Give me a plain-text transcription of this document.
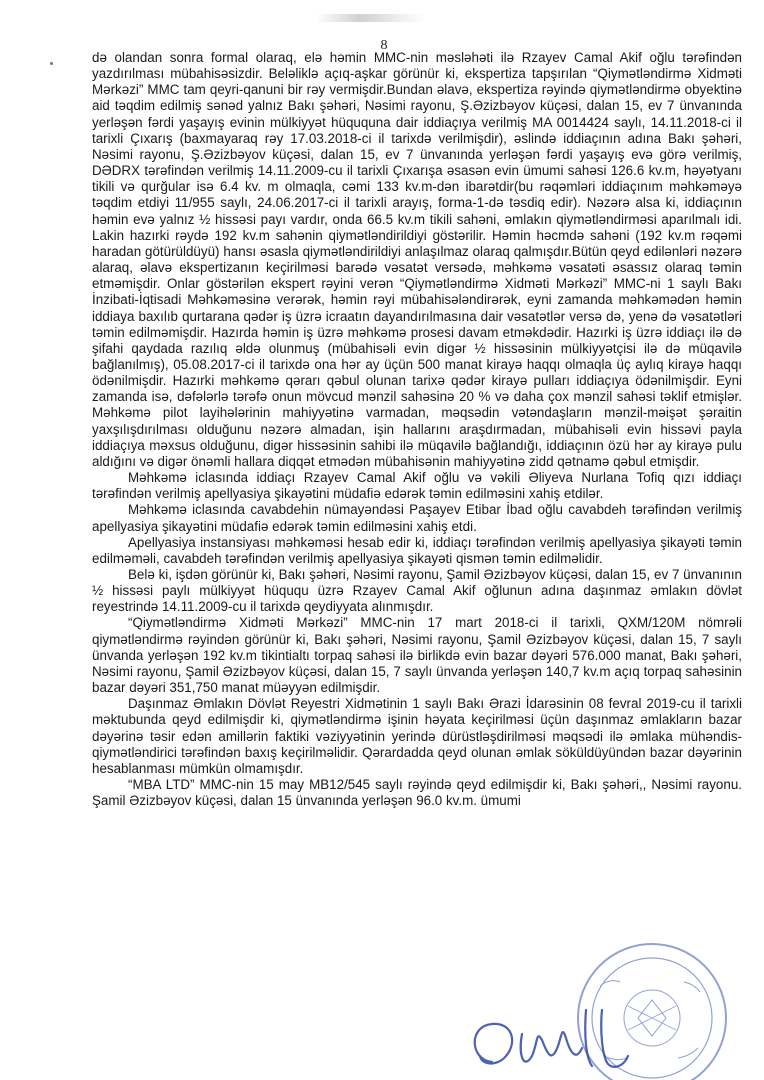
8

də olandan sonra formal olaraq, elə həmin MMC-nin məsləhəti ilə Rzayev Camal Akif oğlu tərəfindən yazdırılması mübahisəsizdir. Beləliklə açıq-aşkar görünür ki, ekspertiza tapşırılan “Qiymətləndirmə Xidməti Mərkəzi” MMC tam qeyri-qanuni bir rəy vermişdir.Bundan əlavə, ekspertiza rəyində qiymətləndirmə obyektinə aid təqdim edilmiş sənəd yalnız Bakı şəhəri, Nəsimi rayonu, Ş.Əzizbəyov küçəsi, dalan 15, ev 7 ünvanında yerləşən fərdi yaşayış evinin mülkiyyət hüququna dair iddiaçıya verilmiş MA 0014424 saylı, 14.11.2018-ci il tarixli Çıxarış (baxmayaraq rəy 17.03.2018-ci il tarixdə verilmişdir), əslində iddiaçının adına Bakı şəhəri, Nəsimi rayonu, Ş.Əzizbəyov küçəsi, dalan 15, ev 7 ünvanında yerləşən fərdi yaşayış evə görə verilmiş, DƏDRX tərəfindən verilmiş 14.11.2009-cu il tarixli Çıxarışa əsasən evin ümumi sahəsi 126.6 kv.m, həyətyanı tikili və qurğular isə 6.4 kv. m olmaqla, cəmi 133 kv.m-dən ibarətdir(bu rəqəmləri iddiaçınım məhkəməyə təqdim etdiyi 11/955 saylı, 24.06.2017-ci il tarixli arayış, forma-1-də təsdiq edir). Nəzərə alsa ki, iddiaçının həmin evə yalnız ½ hissəsi payı vardır, onda 66.5 kv.m tikili sahəni, əmlakın qiymətləndirməsi aparılmalı idi. Lakin hazırki rəydə 192 kv.m sahənin qiymətləndirildiyi göstərilir. Həmin həcmdə sahəni (192 kv.m rəqəmi haradan götürüldüyü) hansı əsasla qiymətləndirildiyi anlaşılmaz olaraq qalmışdır.Bütün qeyd edilənləri nəzərə alaraq, əlavə ekspertizanın keçirilməsi barədə vəsatət versədə, məhkəmə vəsatəti əsassız olaraq təmin etməmişdir. Onlar göstərilən ekspert rəyini verən “Qiymətləndirmə Xidməti Mərkəzi” MMC-ni 1 saylı Bakı İnzibati-İqtisadi Məhkəməsinə verərək, həmin rəyi mübahisələndirərək, eyni zamanda məhkəmədən həmin iddiaya baxılıb qurtarana qədər iş üzrə icraatın dayandırılmasına dair vəsatətlər versə də, yenə də vəsatətləri təmin edilməmişdir. Hazırda həmin iş üzrə məhkəmə prosesi davam etməkdədir. Hazırki iş üzrə iddiaçı ilə də şifahi qaydada razılıq əldə olunmuş (mübahisəli evin digər ½ hissəsinin mülkiyyətçisi ilə də müqavilə bağlanılmış), 05.08.2017-ci il tarixdə ona hər ay üçün 500 manat kirayə haqqı olmaqla üç aylıq kirayə haqqı ödənilmişdir. Hazırki məhkəmə qərarı qəbul olunan tarixə qədər kirayə pulları iddiaçıya ödənilmişdir. Eyni zamanda isə, dəfələrlə tərəfə onun mövcud mənzil sahəsinə 20 % və daha çox mənzil sahəsi təklif etmişlər. Məhkəmə pilot layihələrinin mahiyyətinə varmadan, məqsədin vətəndaşların mənzil-məişət şəraitin yaxşılışdırılması olduğunu nəzərə almadan, işin hallarını araşdırmadan, mübahisəli evin hissəvi payla iddiaçıya məxsus olduğunu, digər hissəsinin sahibi ilə müqavilə bağlandığı, iddiaçının özü hər ay kirayə pulu aldığını və digər önəmli hallara diqqət etmədən mübahisənin mahiyyətinə zidd qətnamə qəbul etmişdir.

Məhkəmə iclasında iddiaçı Rzayev Camal Akif oğlu və vəkili Əliyeva Nurlana Tofiq qızı iddiaçı tərəfindən verilmiş apellyasiya şikayətini müdafiə edərək təmin edilməsini xahiş etdilər.

Məhkəmə iclasında cavabdehin nümayəndəsi Paşayev Etibar İbad oğlu cavabdeh tərəfindən verilmiş apellyasiya şikayətini müdafiə edərək təmin edilməsini xahiş etdi.

Apellyasiya instansiyası məhkəməsi hesab edir ki, iddiaçı tərəfindən verilmiş apellyasiya şikayəti təmin edilməməli, cavabdeh tərəfindən verilmiş apellyasiya şikayəti qismən təmin edilməlidir.

Belə ki, işdən görünür ki, Bakı şəhəri, Nəsimi rayonu, Şamil Əzizbəyov küçəsi, dalan 15, ev 7 ünvanının ½ hissəsi paylı mülkiyyət hüququ üzrə Rzayev Camal Akif oğlunun adına daşınmaz əmlakın dövlət reyestrində 14.11.2009-cu il tarixdə qeydiyyata alınmışdır.

“Qiymətləndirmə Xidməti Mərkəzi” MMC-nin 17 mart 2018-ci il tarixli, QXM/120M nömrəli qiymətləndirmə rəyindən görünür ki, Bakı şəhəri, Nəsimi rayonu, Şamil Əzizbəyov küçəsi, dalan 15, 7 saylı ünvanda yerləşən 192 kv.m tikintialtı torpaq sahəsi ilə birlikdə evin bazar dəyəri 576.000 manat, Bakı şəhəri, Nəsimi rayonu, Şamil Əzizbəyov küçəsi, dalan 15, 7 saylı ünvanda yerləşən 140,7 kv.m açıq torpaq sahəsinin bazar dəyəri 351,750 manat müəyyən edilmişdir.

Daşınmaz Əmlakın Dövlət Reyestri Xidmətinin 1 saylı Bakı Ərazi İdarəsinin 08 fevral 2019-cu il tarixli məktubunda qeyd edilmişdir ki, qiymətləndirmə işinin həyata keçirilməsi üçün daşınmaz əmlakların bazar dəyərinə təsir edən amillərin faktiki vəziyyətinin yerində dürüstləşdirilməsi məqsədi ilə əmlaka mühəndis-qiymətləndirici tərəfindən baxış keçirilməlidir. Qərardadda qeyd olunan əmlak söküldüyündən bazar dəyərinin hesablanması mümkün olmamışdır.

“MBA LTD” MMC-nin 15 may MB12/545 saylı rəyində qeyd edilmişdir ki, Bakı şəhəri,, Nəsimi rayonu. Şamil Əzizbəyov küçəsi, dalan 15 ünvanında yerləşən 96.0 kv.m. ümumi
